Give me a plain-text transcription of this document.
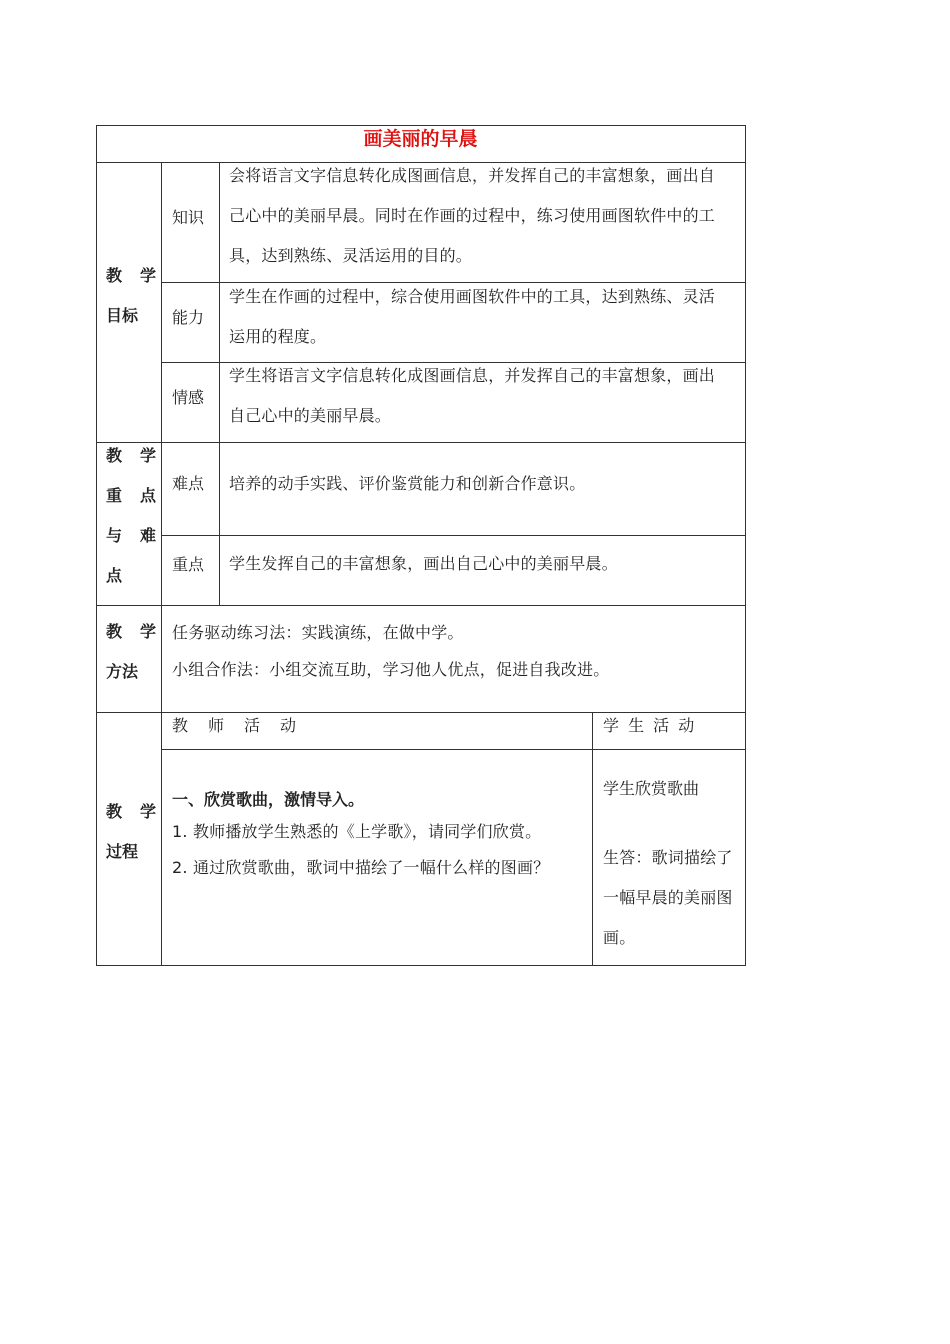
画美丽的早晨
教 学
目标
知识
会将语言文字信息转化成图画信息，并发挥自己的丰富想象，画出自
己心中的美丽早晨。同时在作画的过程中，练习使用画图软件中的工
具，达到熟练、灵活运用的目的。
能力
学生在作画的过程中，综合使用画图软件中的工具，达到熟练、灵活
运用的程度。
情感
学生将语言文字信息转化成图画信息，并发挥自己的丰富想象，画出
自己心中的美丽早晨。
教 学
重 点
与 难
点
难点 培养的动手实践、评价鉴赏能力和创新合作意识。
重点 学生发挥自己的丰富想象，画出自己心中的美丽早晨。
教 学
方法
任务驱动练习法：实践演练，在做中学。
小组合作法：小组交流互助，学习他人优点，促进自我改进。
教 学
过程
教　师　活　动	学 生 活 动
一、欣赏歌曲，激情导入。
1. 教师播放学生熟悉的《上学歌》，请同学们欣赏。
2. 通过欣赏歌曲，歌词中描绘了一幅什么样的图画？
学生欣赏歌曲
生答：歌词描绘了
一幅早晨的美丽图
画。
